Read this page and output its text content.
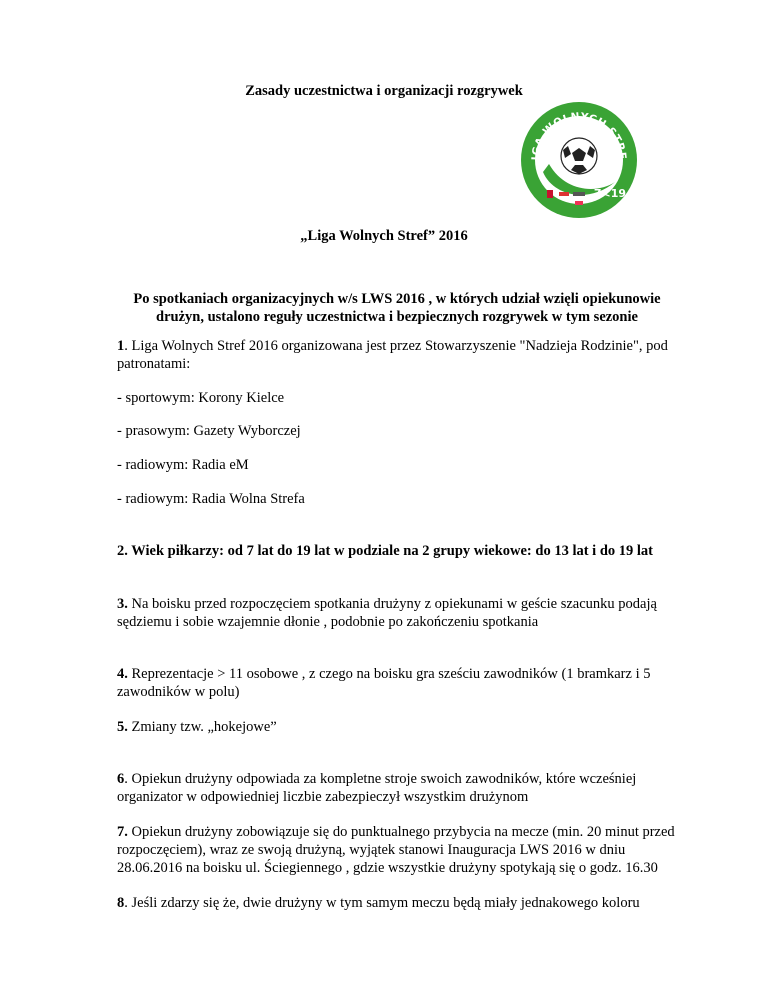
Zasady uczestnictwa i organizacji rozgrywek
IGA WOLNYCH STRE
7<19
„Liga Wolnych Stref” 2016
Po spotkaniach organizacyjnych w/s LWS 2016 , w których udział wzięli opiekunowie
drużyn, ustalono reguły uczestnictwa i bezpiecznych rozgrywek w tym sezonie
1. Liga Wolnych Stref 2016 organizowana jest przez Stowarzyszenie "Nadzieja Rodzinie", pod patronatami:
- sportowym: Korony Kielce
- prasowym: Gazety Wyborczej
- radiowym: Radia eM
- radiowym: Radia Wolna Strefa
2. Wiek piłkarzy: od 7 lat do 19 lat w podziale na 2 grupy wiekowe: do 13 lat i do 19 lat
3. Na boisku przed rozpoczęciem spotkania drużyny z opiekunami w geście szacunku podają sędziemu i sobie wzajemnie dłonie , podobnie po zakończeniu spotkania
4. Reprezentacje > 11 osobowe , z czego na boisku gra sześciu zawodników (1 bramkarz i 5 zawodników w polu)
5. Zmiany tzw. „hokejowe”
6. Opiekun drużyny odpowiada za kompletne stroje swoich zawodników, które wcześniej organizator w odpowiedniej liczbie zabezpieczył wszystkim drużynom
7. Opiekun drużyny zobowiązuje się do punktualnego przybycia na mecze (min. 20 minut przed rozpoczęciem), wraz ze swoją drużyną, wyjątek stanowi Inauguracja LWS 2016 w dniu 28.06.2016 na boisku ul. Ściegiennego , gdzie wszystkie drużyny spotykają się o godz. 16.30
8. Jeśli zdarzy się że, dwie drużyny w tym samym meczu będą miały jednakowego koloru
